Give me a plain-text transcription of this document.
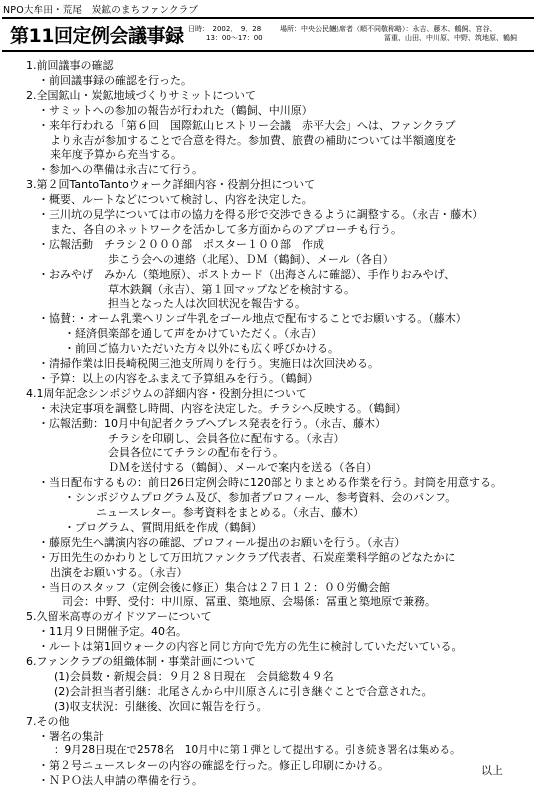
NPO大牟田・荒尾　炭鉱のまちファンクラブ
第11回定例会議事録 日時：　2002．　9．28
13：00～17：00
場所：中央公民館
出席者（順不同敬称略）：永吉、藤木、鶴飼、宮谷、
冨重、山田、中川原、中野、筑地原、鶴飼
1.前回議事の確認
・前回議事録の確認を行った。
2.全国鉱山・炭鉱地域づくりサミットについて
・サミットへの参加の報告が行われた（鶴飼、中川原）
・来年行われる「第６回　国際鉱山ヒストリー会議　赤平大会」へは、ファンクラブ
より永吉が参加することで合意を得た。参加費、旅費の補助については半額適度を
来年度予算から充当する。
・参加への準備は永吉にて行う。
3.第２回TantoTantoウォーク詳細内容・役割分担について
・概要、ルートなどについて検討し、内容を決定した。
・三川坑の見学については市の協力を得る形で交渉できるように調整する。（永吉・藤木）
また、各自のネットワークを活かして多方面からのアプローチも行う。
・広報活動　チラシ２０００部　ポスター１００部　作成
歩こう会への連絡（北尾）、ＤＭ（鶴飼）、メール（各自）
・おみやげ　みかん（築地原）、ポストカード（出海さんに確認）、手作りおみやげ、
草木鉄鋼（永吉）、第１回マップなどを検討する。
担当となった人は次回状況を報告する。
・協賛：・オーム乳業ヘリンゴ牛乳をゴール地点で配布することでお願いする。（藤木）
・経済倶楽部を通して声をかけていただく。（永吉）
・前回ご協力いただいた方々以外にも広く呼びかける。
・清掃作業は旧長崎税関三池支所周りを行う。実施日は次回決める。
・予算：以上の内容をふまえて予算組みを行う。（鶴飼）
4.1周年記念シンポジウムの詳細内容・役割分担について
・未決定事項を調整し時間、内容を決定した。チラシへ反映する。（鶴飼）
・広報活動：10月中旬記者クラブヘプレス発表を行う。（永吉、藤木）
チラシを印刷し、会員各位に配布する。（永吉）
会員各位にてチラシの配布を行う。
ＤＭを送付する（鶴飼）、メールで案内を送る（各自）
・当日配布するもの：前日26日定例会時に120部とりまとめる作業を行う。封筒を用意する。
・シンポジウムプログラム及び、参加者プロフィール、参考資料、会のパンフ。
ニュースレター。参考資料をまとめる。（永吉、藤木）
・プログラム、質問用紙を作成（鶴飼）
・藤原先生へ講演内容の確認、プロフィール提出のお願いを行う。（永吉）
・万田先生のかわりとして万田坑ファンクラブ代表者、石炭産業科学館のどなたかに
出演をお願いする。（永吉）
・当日のスタッフ（定例会後に修正）集合は２７日１２：００労働会館
司会：中野、受付：中川原、冨重、築地原、会場係：冨重と築地原で兼務。
5.久留米高専のガイドツアーについて
・11月９日開催予定。40名。
・ルートは第1回ウォークの内容と同じ方向で先方の先生に検討していただいている。
6.ファンクラブの組織体制・事業計画について
(1)会員数・新規会員：９月２８日現在　会員総数４９名
(2)会計担当者引継：北尾さんから中川原さんに引き継ぐことで合意された。
(3)収支状況：引継後、次回に報告を行う。
7.その他
・署名の集計
：9月28日現在で2578名　10月中に第１弾として提出する。引き続き署名は集める。
・第２号ニュースレターの内容の確認を行った。修正し印刷にかける。
・ＮＰＯ法人申請の準備を行う。
以上
